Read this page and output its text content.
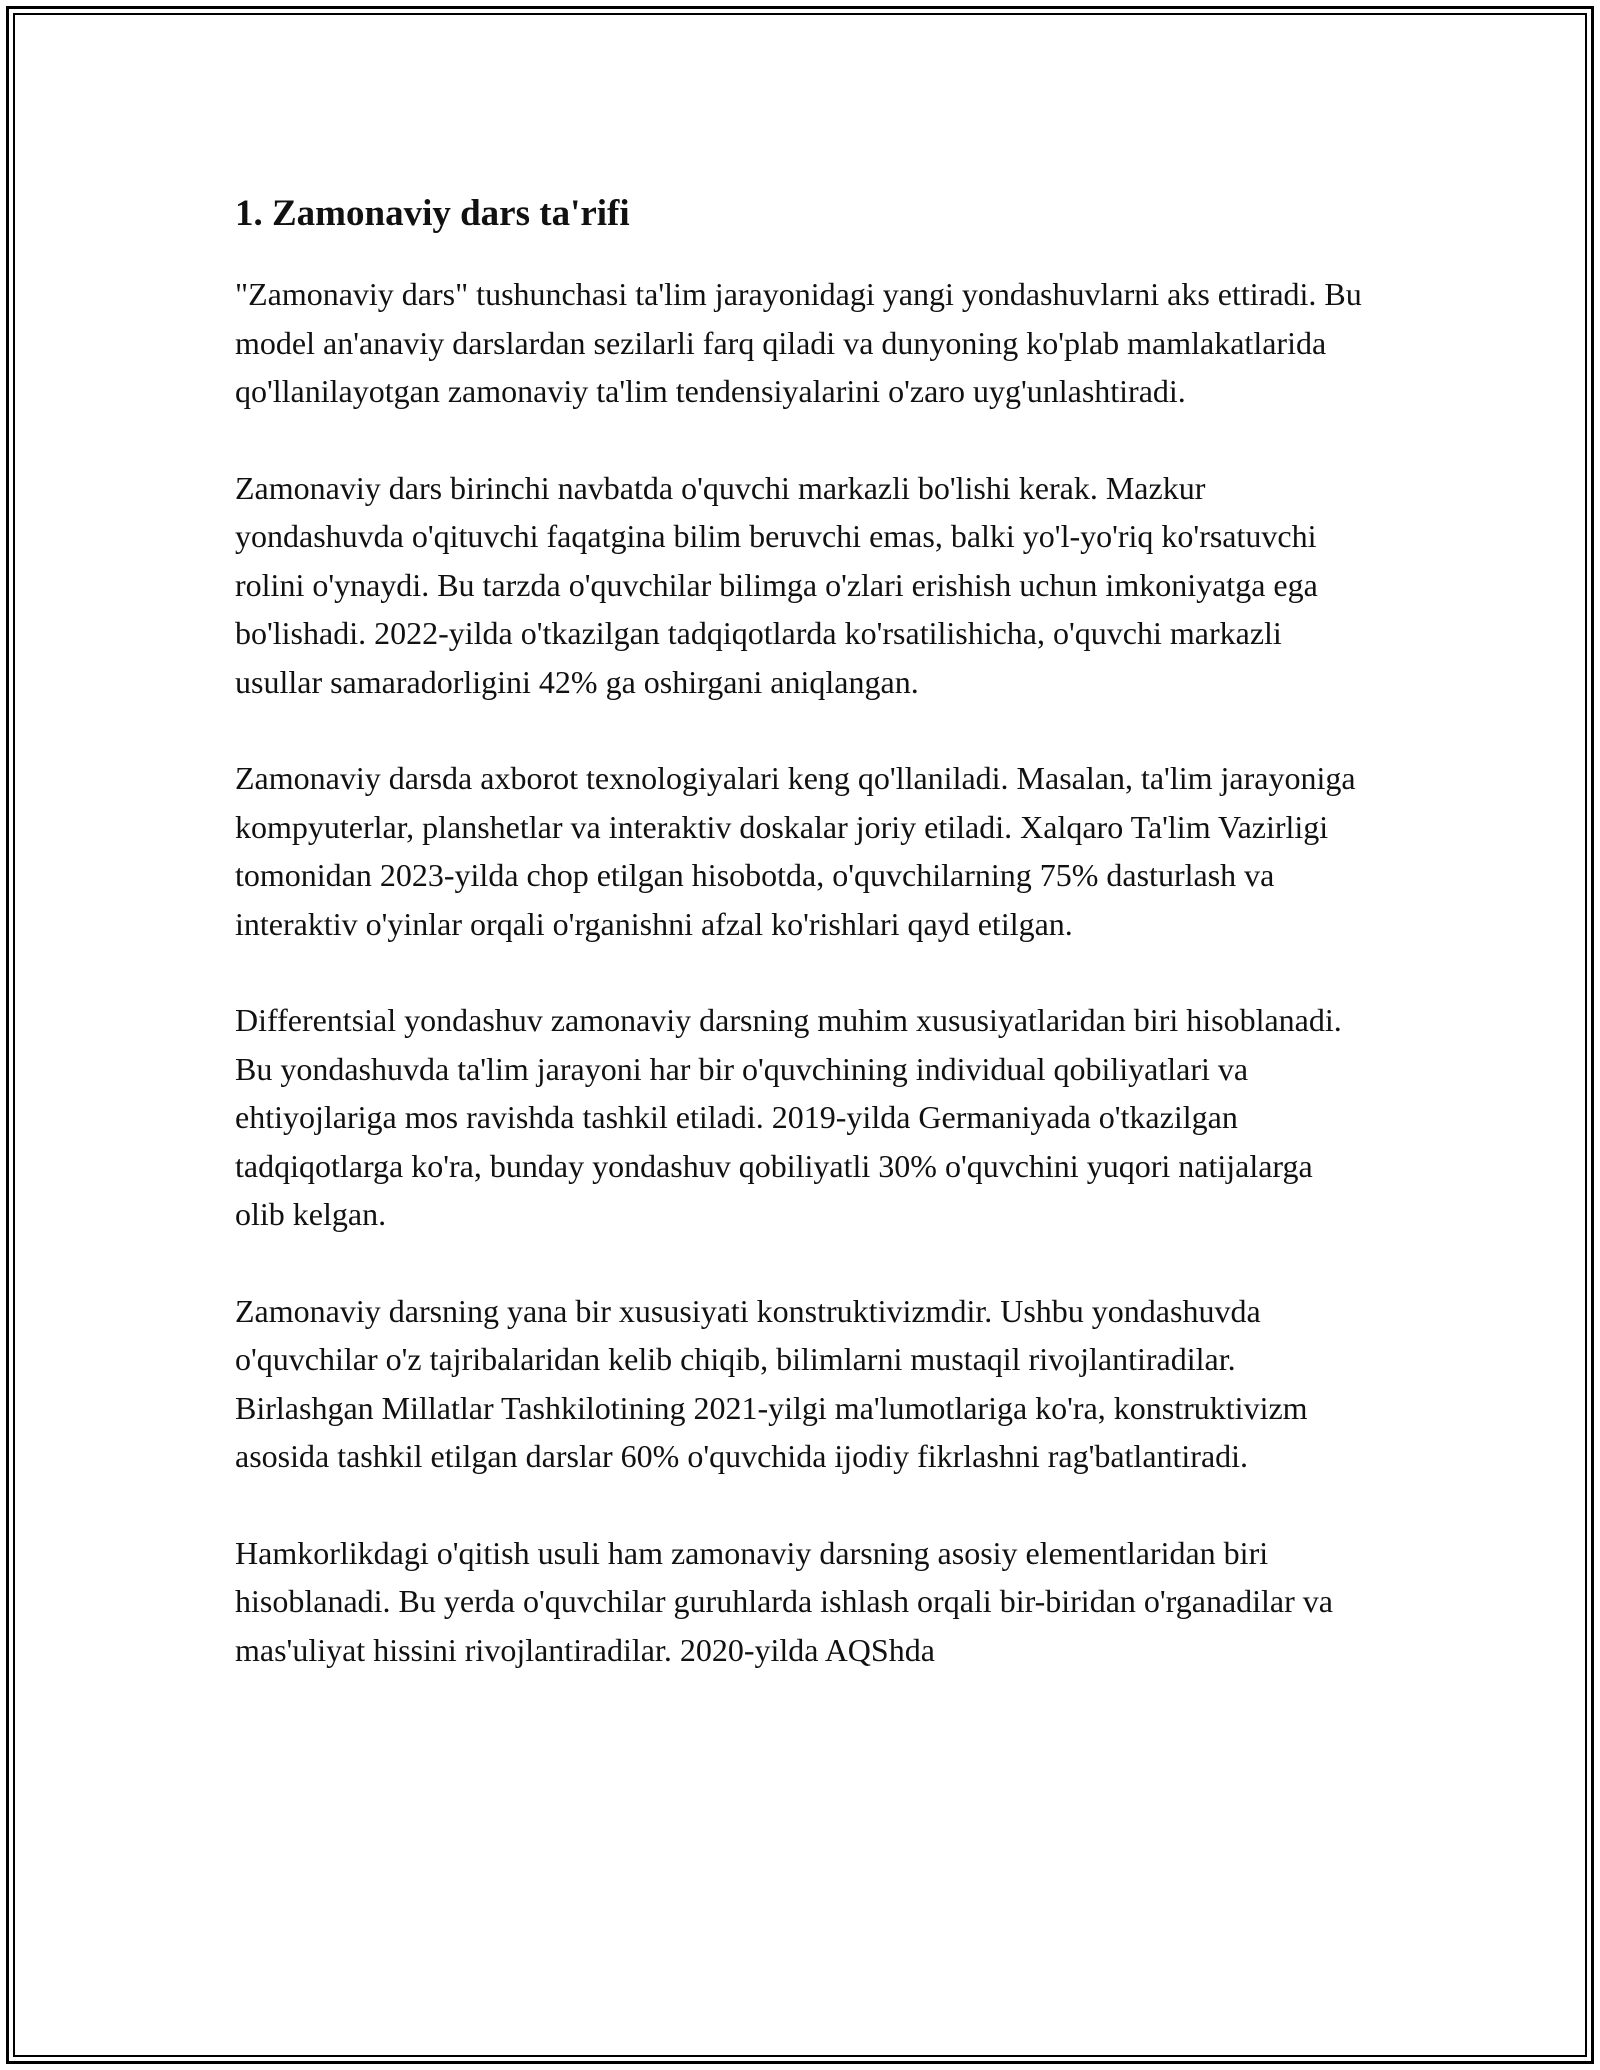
1. Zamonaviy dars ta'rifi

"Zamonaviy dars" tushunchasi ta'lim jarayonidagi yangi yondashuvlarni aks ettiradi. Bu model an'anaviy darslardan sezilarli farq qiladi va dunyoning ko'plab mamlakatlarida qo'llanilayotgan zamonaviy ta'lim tendensiyalarini o'zaro uyg'unlashtiradi.

Zamonaviy dars birinchi navbatda o'quvchi markazli bo'lishi kerak. Mazkur yondashuvda o'qituvchi faqatgina bilim beruvchi emas, balki yo'l-yo'riq ko'rsatuvchi rolini o'ynaydi. Bu tarzda o'quvchilar bilimga o'zlari erishish uchun imkoniyatga ega bo'lishadi. 2022-yilda o'tkazilgan tadqiqotlarda ko'rsatilishicha, o'quvchi markazli usullar samaradorligini 42% ga oshirgani aniqlangan.

Zamonaviy darsda axborot texnologiyalari keng qo'llaniladi. Masalan, ta'lim jarayoniga kompyuterlar, planshetlar va interaktiv doskalar joriy etiladi. Xalqaro Ta'lim Vazirligi tomonidan 2023-yilda chop etilgan hisobotda, o'quvchilarning 75% dasturlash va interaktiv o'yinlar orqali o'rganishni afzal ko'rishlari qayd etilgan.

Differentsial yondashuv zamonaviy darsning muhim xususiyatlaridan biri hisoblanadi. Bu yondashuvda ta'lim jarayoni har bir o'quvchining individual qobiliyatlari va ehtiyojlariga mos ravishda tashkil etiladi. 2019-yilda Germaniyada o'tkazilgan tadqiqotlarga ko'ra, bunday yondashuv qobiliyatli 30% o'quvchini yuqori natijalarga olib kelgan.

Zamonaviy darsning yana bir xususiyati konstruktivizmdir. Ushbu yondashuvda o'quvchilar o'z tajribalaridan kelib chiqib, bilimlarni mustaqil rivojlantiradilar. Birlashgan Millatlar Tashkilotining 2021-yilgi ma'lumotlariga ko'ra, konstruktivizm asosida tashkil etilgan darslar 60% o'quvchida ijodiy fikrlashni rag'batlantiradi.

Hamkorlikdagi o'qitish usuli ham zamonaviy darsning asosiy elementlaridan biri hisoblanadi. Bu yerda o'quvchilar guruhlarda ishlash orqali bir-biridan o'rganadilar va mas'uliyat hissini rivojlantiradilar. 2020-yilda AQShda
